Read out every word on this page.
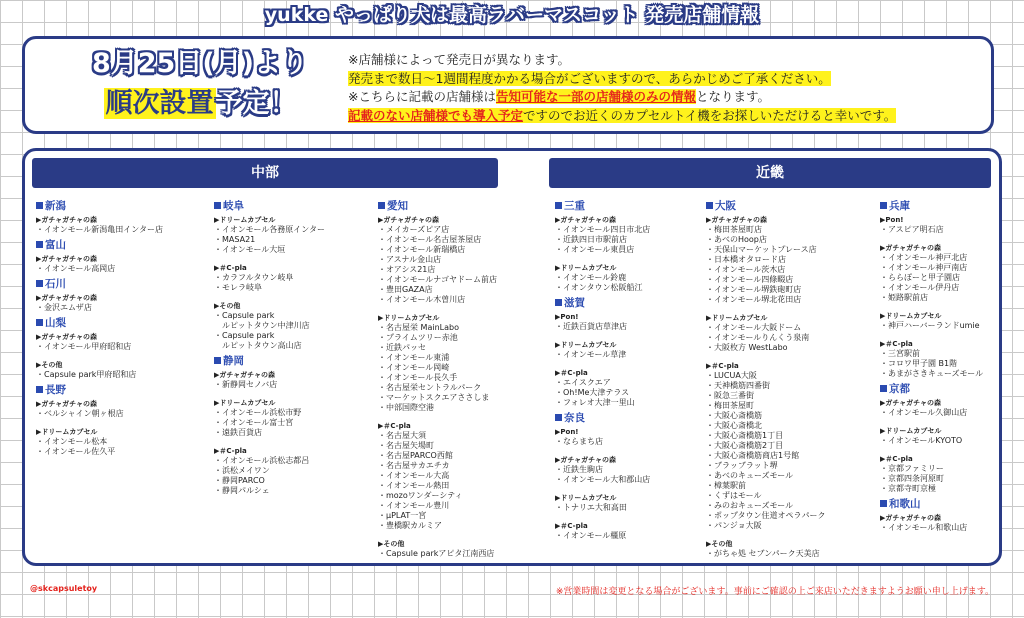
yukke やっぱり犬は最高ラバーマスコット 発売店舗情報
8月25日(月)より
順次設置予定！
※店舗様によって発売日が異なります。
発売まで数日～1週間程度かかる場合がございますので、あらかじめご了承ください。
※こちらに記載の店舗様は告知可能な一部の店舗様のみの情報となります。
記載のない店舗様でも導入予定ですのでお近くのカプセルトイ機をお探しいただけると幸いです。
中部	近畿
新潟
▶ガチャガチャの森
・イオンモール新潟亀田インター店
富山
▶ガチャガチャの森
・イオンモール高岡店
石川
▶ガチャガチャの森
・金沢エムザ店
山梨
▶ガチャガチャの森
・イオンモール甲府昭和店
▶その他
・Capsule park甲府昭和店
長野
▶ガチャガチャの森
・ベルシャイン朝ヶ根店
▶ドリームカプセル
・イオンモール松本
・イオンモール佐久平
岐阜
▶ドリームカプセル
・イオンモール各務原インター
・MASA21
・イオンモール大垣
▶＃C-pla
・カラフルタウン岐阜
・モレラ岐阜
▶その他
・Capsule park
　ルピットタウン中津川店
・Capsule park
　ルピットタウン高山店
静岡
▶ガチャガチャの森
・新静岡セノバ店
▶ドリームカプセル
・イオンモール浜松市野
・イオンモール富士宮
・遠鉄百貨店
▶＃C-pla
・イオンモール浜松志都呂
・浜松メイワン
・静岡PARCO
・静岡パルシェ
愛知
▶ガチャガチャの森
・メイカーズピア店
・イオンモール名古屋茶屋店
・イオンモール新瑞橋店
・アスナル金山店
・オアシス21店
・イオンモールナゴヤドーム前店
・豊田GAZA店
・イオンモール木曽川店
▶ドリームカプセル
・名古屋栄 MainLabo
・プライムツリー赤池
・近鉄パッセ
・イオンモール東浦
・イオンモール岡崎
・イオンモール長久手
・名古屋栄セントラルパーク
・マーケットスクエアささしま
・中部国際空港
▶＃C-pla
・名古屋大須
・名古屋矢場町
・名古屋PARCO西館
・名古屋サカエチカ
・イオンモール大高
・イオンモール熱田
・mozoワンダーシティ
・イオンモール豊川
・µPLAT一宮
・豊橋駅カルミア
▶その他
・Capsule parkアピタ江南西店
三重
▶ガチャガチャの森
・イオンモール四日市北店
・近鉄四日市駅前店
・イオンモール東員店
▶ドリームカプセル
・イオンモール鈴鹿
・イオンタウン松阪船江
滋賀
▶Pon!
・近鉄百貨店草津店
▶ドリームカプセル
・イオンモール草津
▶＃C-pla
・エイスクエア
・Oh!Me大津テラス
・フォレオ大津一里山
奈良
▶Pon!
・ならまち店
▶ガチャガチャの森
・近鉄生駒店
・イオンモール大和郡山店
▶ドリームカプセル
・トナリエ大和高田
▶＃C-pla
・イオンモール橿原
大阪
▶ガチャガチャの森
・梅田茶屋町店
・あべのHoop店
・天保山マーケットプレース店
・日本橋オタロード店
・イオンモール茨木店
・イオンモール四條畷店
・イオンモール堺鉄砲町店
・イオンモール堺北花田店
▶ドリームカプセル
・イオンモール大阪ドーム
・イオンモールりんくう泉南
・大阪枚方 WestLabo
▶＃C-pla
・LUCUA大阪
・天神橋筋四番街
・阪急三番街
・梅田茶屋町
・大阪心斎橋筋
・大阪心斎橋北
・大阪心斎橋筋1丁目
・大阪心斎橋筋2丁目
・大阪心斎橋筋商店1号館
・ブラッブラット堺
・あべのキューズモール
・樟葉駅前
・くずはモール
・みのおキューズモール
・ポップタウン住道オペラパーク
・パンジョ大阪
▶その他
・がちゃ処 セブンパーク天美店
兵庫
▶Pon!
・アスピア明石店
▶ガチャガチャの森
・イオンモール神戸北店
・イオンモール神戸南店
・ららぽーと甲子園店
・イオンモール伊丹店
・姫路駅前店
▶ドリームカプセル
・神戸ハーバーランドumie
▶＃C-pla
・三宮駅前
・コロワ甲子園 B1階
・あまがさきキューズモール
京都
▶ガチャガチャの森
・イオンモール久御山店
▶ドリームカプセル
・イオンモールKYOTO
▶＃C-pla
・京都ファミリー
・京都四条河原町
・京都寺町京極
和歌山
▶ガチャガチャの森
・イオンモール和歌山店
@skcapsuletoy	※営業時間は変更となる場合がございます。事前にご確認の上ご来店いただきますようお願い申し上げます。
